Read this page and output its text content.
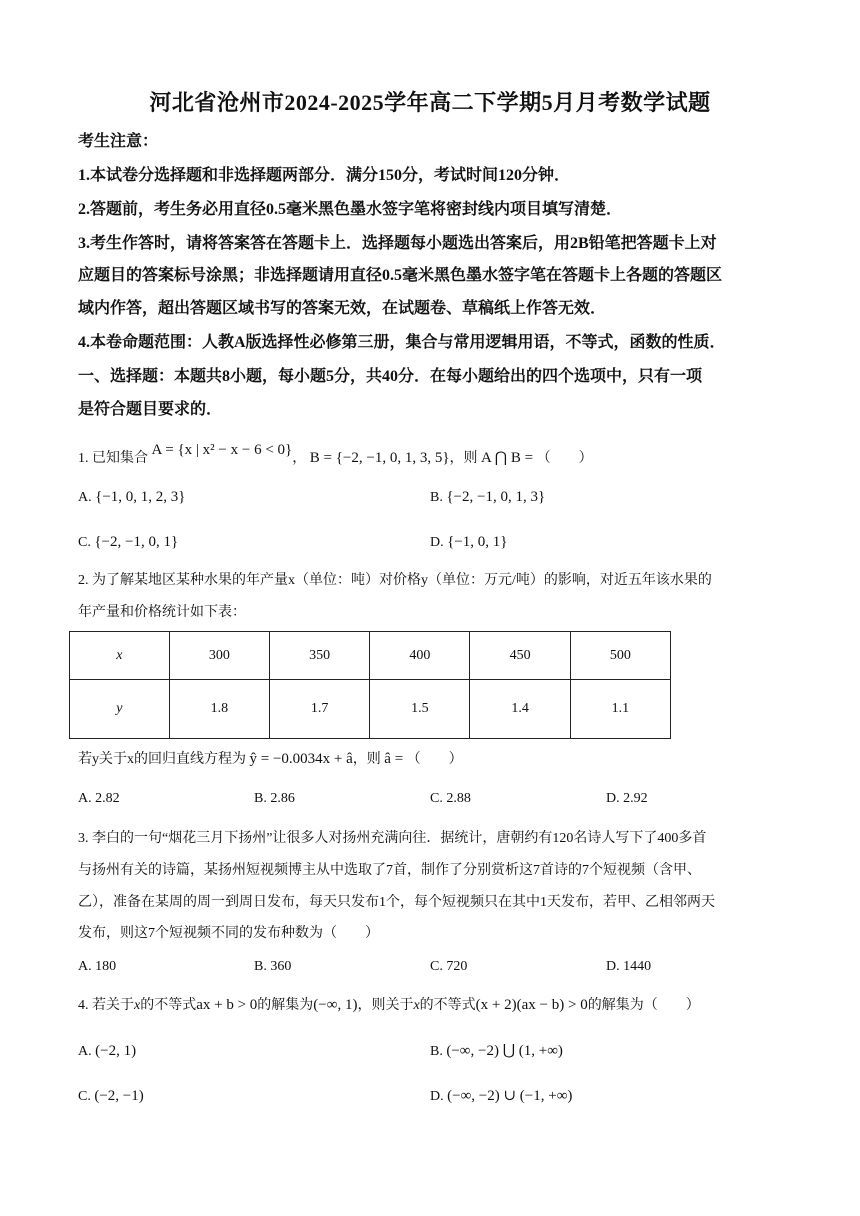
河北省沧州市2024-2025学年高二下学期5月月考数学试题
考生注意：
1.本试卷分选择题和非选择题两部分．满分150分，考试时间120分钟．
2.答题前，考生务必用直径0.5毫米黑色墨水签字笔将密封线内项目填写清楚．
3.考生作答时，请将答案答在答题卡上．选择题每小题选出答案后，用2B铅笔把答题卡上对
应题目的答案标号涂黑；非选择题请用直径0.5毫米黑色墨水签字笔在答题卡上各题的答题区
域内作答，超出答题区域书写的答案无效，在试题卷、草稿纸上作答无效．
4.本卷命题范围：人教A版选择性必修第三册，集合与常用逻辑用语，不等式，函数的性质．
一、选择题：本题共8小题，每小题5分，共40分．在每小题给出的四个选项中，只有一项
是符合题目要求的．
1. 已知集合 A = {x | x² − x − 6 < 0}， B = {−2, −1, 0, 1, 3, 5}，则 A ⋂ B = （　　）
A. {−1, 0, 1, 2, 3}	B. {−2, −1, 0, 1, 3}
C. {−2, −1, 0, 1}	D. {−1, 0, 1}
2. 为了解某地区某种水果的年产量x（单位：吨）对价格y（单位：万元/吨）的影响，对近五年该水果的
年产量和价格统计如下表：
x	300	350	400	450	500
y	1.8	1.7	1.5	1.4	1.1
若y关于x的回归直线方程为 ŷ = −0.0034x + â，则 â = （　　）
A. 2.82	B. 2.86	C. 2.88	D. 2.92
3. 李白的一句“烟花三月下扬州”让很多人对扬州充满向往．据统计，唐朝约有120名诗人写下了400多首
与扬州有关的诗篇，某扬州短视频博主从中选取了7首，制作了分别赏析这7首诗的7个短视频（含甲、
乙），准备在某周的周一到周日发布，每天只发布1个，每个短视频只在其中1天发布，若甲、乙相邻两天
发布，则这7个短视频不同的发布种数为（　　）
A. 180	B. 360	C. 720	D. 1440
4. 若关于x的不等式ax + b > 0的解集为(−∞, 1)，则关于x的不等式(x + 2)(ax − b) > 0的解集为（　　）
A. (−2, 1)	B. (−∞, −2) ⋃ (1, +∞)
C. (−2, −1)	D. (−∞, −2) ∪ (−1, +∞)
